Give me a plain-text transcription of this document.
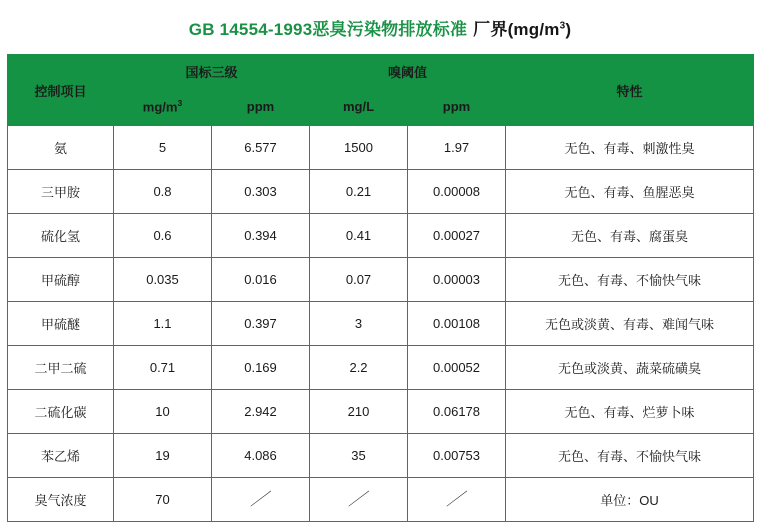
GB 14554-1993恶臭污染物排放标准 厂界$(mg/m^3)$
控制项目	国标三级		嗅阈值		特性
	$mg/m^3$	ppm	mg/L	ppm	
氨	5	6.577	1500	1.97	无色、有毒、刺激性臭
三甲胺	0.8	0.303	0.21	0.00008	无色、有毒、鱼腥恶臭
硫化氢	0.6	0.394	0.41	0.00027	无色、有毒、腐蛋臭
甲硫醇	0.035	0.016	0.07	0.00003	无色、有毒、不愉快气味
甲硫醚	1.1	0.397	3	0.00108	无色或淡黄、有毒、难闻气味
二甲二硫	0.71	0.169	2.2	0.00052	无色或淡黄、蔬菜硫磺臭
二硫化碳	10	2.942	210	0.06178	无色、有毒、烂萝卜味
苯乙烯	19	4.086	35	0.00753	无色、有毒、不愉快气味
臭气浓度	70	／	／	／	单位：OU
